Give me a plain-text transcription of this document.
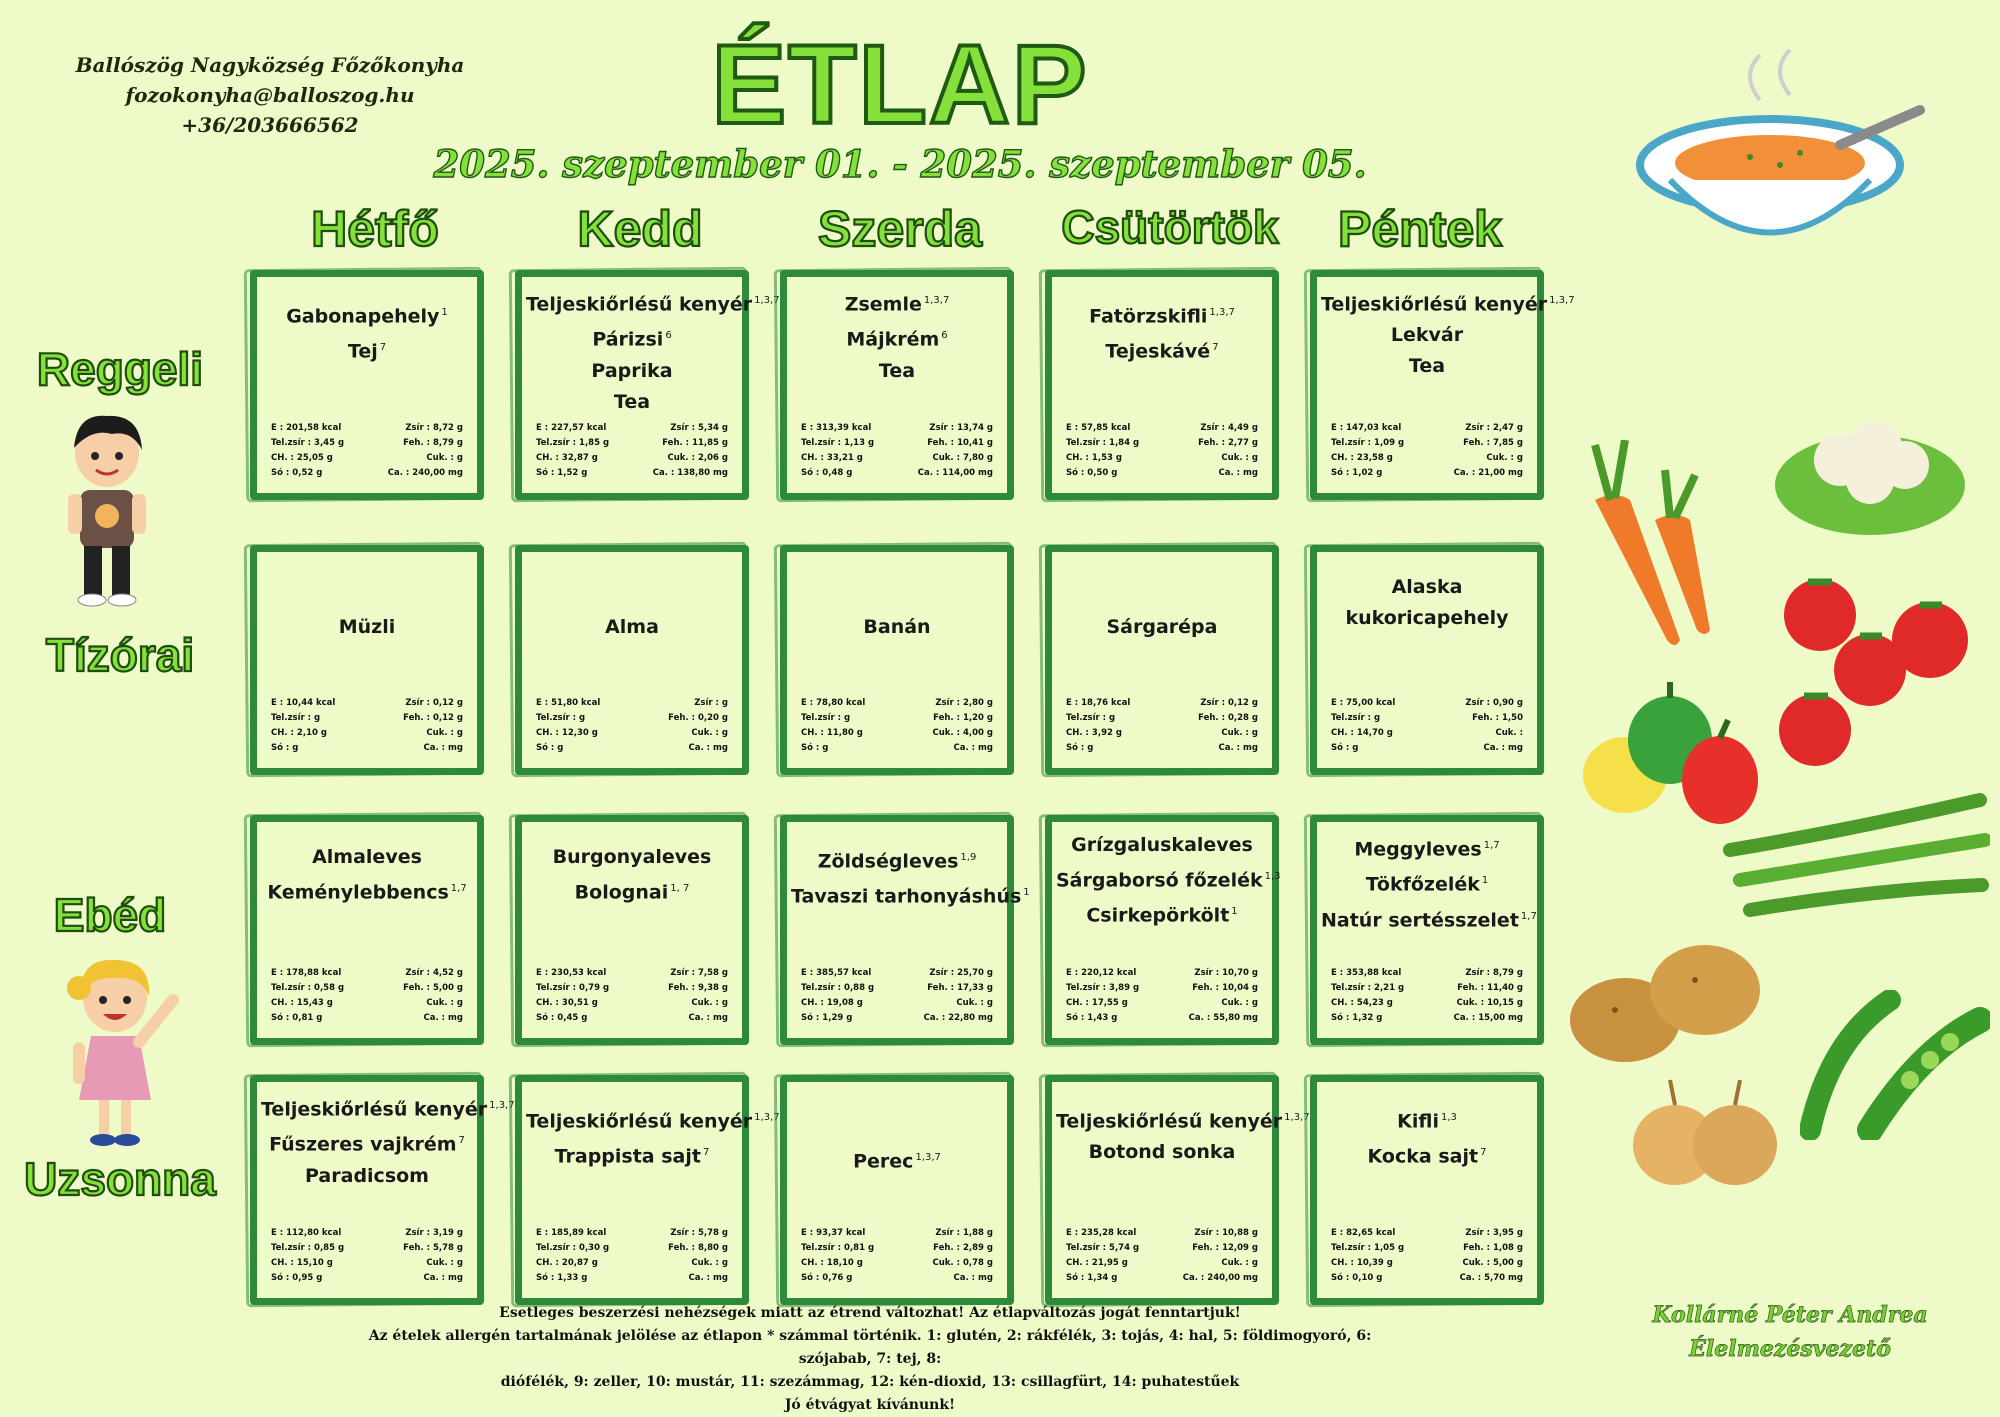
Ballószög Nagyközség Főzőkonyha
fozokonyha@balloszog.hu
+36/203666562	ÉTLAP
2025. szeptember 01. - 2025. szeptember 05.
Hétfő	Kedd	Szerda	Csütörtök	Péntek
Reggeli
Tízórai
Ebéd
Uzsonna
Gabonapehely $^1$
Tej $^7$
E : 201,58 kcal	Zsír : 8,72 g
Tel.zsír : 3,45 g	Feh. : 8,79 g
CH. : 25,05 g	Cuk. : g
Só : 0,52 g	Ca. : 240,00 mg
Teljeskiőrlésű kenyér $^{1,3,7}$
Párizsi $^6$
Paprika
Tea
E : 227,57 kcal	Zsír : 5,34 g
Tel.zsír : 1,85 g	Feh. : 11,85 g
CH. : 32,87 g	Cuk. : 2,06 g
Só : 1,52 g	Ca. : 138,80 mg
Zsemle $^{1,3,7}$
Májkrém $^6$
Tea
E : 313,39 kcal	Zsír : 13,74 g
Tel.zsír : 1,13 g	Feh. : 10,41 g
CH. : 33,21 g	Cuk. : 7,80 g
Só : 0,48 g	Ca. : 114,00 mg
Fatörzskifli $^{1,3,7}$
Tejeskávé $^7$
E : 57,85 kcal	Zsír : 4,49 g
Tel.zsír : 1,84 g	Feh. : 2,77 g
CH. : 1,53 g	Cuk. : g
Só : 0,50 g	Ca. : mg
Teljeskiőrlésű kenyér $^{1,3,7}$
Lekvár
Tea
E : 147,03 kcal	Zsír : 2,47 g
Tel.zsír : 1,09 g	Feh. : 7,85 g
CH. : 23,58 g	Cuk. : g
Só : 1,02 g	Ca. : 21,00 mg
Müzli
E : 10,44 kcal	Zsír : 0,12 g
Tel.zsír : g	Feh. : 0,12 g
CH. : 2,10 g	Cuk. : g
Só : g	Ca. : mg
Alma
E : 51,80 kcal	Zsír : g
Tel.zsír : g	Feh. : 0,20 g
CH. : 12,30 g	Cuk. : g
Só : g	Ca. : mg
Banán
E : 78,80 kcal	Zsír : 2,80 g
Tel.zsír : g	Feh. : 1,20 g
CH. : 11,80 g	Cuk. : 4,00 g
Só : g	Ca. : mg
Sárgarépa
E : 18,76 kcal	Zsír : 0,12 g
Tel.zsír : g	Feh. : 0,28 g
CH. : 3,92 g	Cuk. : g
Só : g	Ca. : mg
Alaska
kukoricapehely
E : 75,00 kcal	Zsír : 0,90 g
Tel.zsír : g	Feh. : 1,50
CH. : 14,70 g	Cuk. :
Só : g	Ca. : mg
Almaleves
Keménylebbencs $^{1,7}$
E : 178,88 kcal	Zsír : 4,52 g
Tel.zsír : 0,58 g	Feh. : 5,00 g
CH. : 15,43 g	Cuk. : g
Só : 0,81 g	Ca. : mg
Burgonyaleves
Bolognai $^{1, 7}$
E : 230,53 kcal	Zsír : 7,58 g
Tel.zsír : 0,79 g	Feh. : 9,38 g
CH. : 30,51 g	Cuk. : g
Só : 0,45 g	Ca. : mg
Zöldségleves $^{1,9}$
Tavaszi tarhonyáshús $^1$
E : 385,57 kcal	Zsír : 25,70 g
Tel.zsír : 0,88 g	Feh. : 17,33 g
CH. : 19,08 g	Cuk. : g
Só : 1,29 g	Ca. : 22,80 mg
Grízgaluskaleves
Sárgaborsó főzelék $^{1,3}$
Csirkepörkölt $^1$
E : 220,12 kcal	Zsír : 10,70 g
Tel.zsír : 3,89 g	Feh. : 10,04 g
CH. : 17,55 g	Cuk. : g
Só : 1,43 g	Ca. : 55,80 mg
Meggyleves $^{1,7}$
Tökfőzelék $^1$
Natúr sertésszelet $^{1,7}$
E : 353,88 kcal	Zsír : 8,79 g
Tel.zsír : 2,21 g	Feh. : 11,40 g
CH. : 54,23 g	Cuk. : 10,15 g
Só : 1,32 g	Ca. : 15,00 mg
Teljeskiőrlésű kenyér $^{1,3,7}$
Fűszeres vajkrém $^7$
Paradicsom
E : 112,80 kcal	Zsír : 3,19 g
Tel.zsír : 0,85 g	Feh. : 5,78 g
CH. : 15,10 g	Cuk. : g
Só : 0,95 g	Ca. : mg
Teljeskiőrlésű kenyér $^{1,3,7}$
Trappista sajt $^7$
E : 185,89 kcal	Zsír : 5,78 g
Tel.zsír : 0,30 g	Feh. : 8,80 g
CH. : 20,87 g	Cuk. : g
Só : 1,33 g	Ca. : mg
Perec $^{1,3,7}$
E : 93,37 kcal	Zsír : 1,88 g
Tel.zsír : 0,81 g	Feh. : 2,89 g
CH. : 18,10 g	Cuk. : 0,78 g
Só : 0,76 g	Ca. : mg
Teljeskiőrlésű kenyér $^{1,3,7}$
Botond sonka
E : 235,28 kcal	Zsír : 10,88 g
Tel.zsír : 5,74 g	Feh. : 12,09 g
CH. : 21,95 g	Cuk. : g
Só : 1,34 g	Ca. : 240,00 mg
Kifli $^{1,3}$
Kocka sajt $^7$
E : 82,65 kcal	Zsír : 3,95 g
Tel.zsír : 1,05 g	Feh. : 1,08 g
CH. : 10,39 g	Cuk. : 5,00 g
Só : 0,10 g	Ca. : 5,70 mg
Esetleges beszerzési nehézségek miatt az étrend változhat! Az étlapváltozás jogát fenntartjuk!
Az ételek allergén tartalmának jelölése az étlapon * számmal történik. 1: glutén, 2: rákfélék, 3: tojás, 4: hal, 5: földimogyoró, 6: szójabab, 7: tej, 8:
diófélék, 9: zeller, 10: mustár, 11: szezámmag, 12: kén-dioxid, 13: csillagfürt, 14: puhatestűek
Jó étvágyat kívánunk!
Kollárné Péter Andrea
Élelmezésvezető
